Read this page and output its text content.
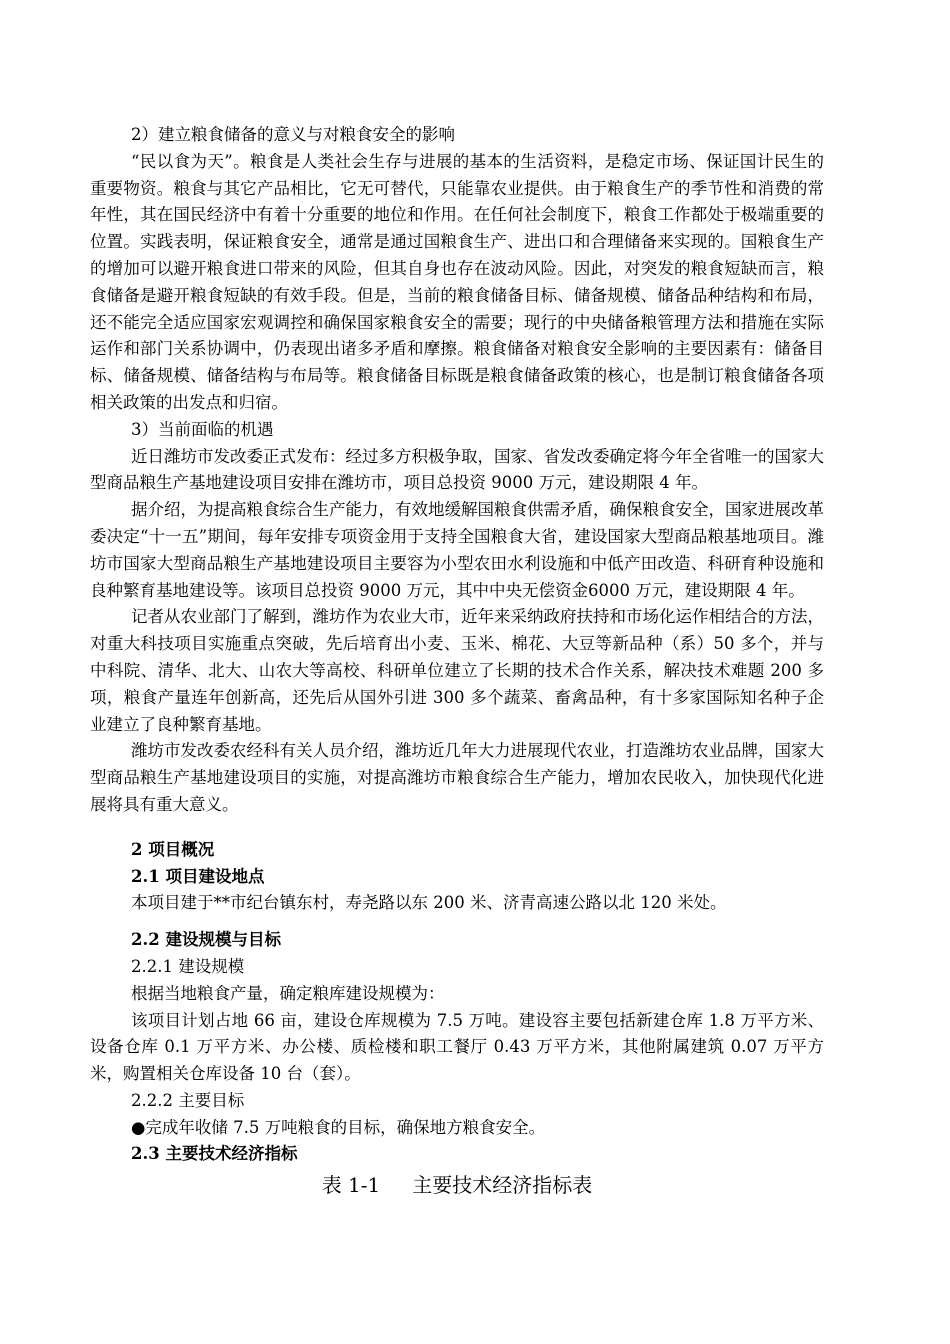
2）建立粮食储备的意义与对粮食安全的影响

“民以食为天”。粮食是人类社会生存与进展的基本的生活资料，是稳定市场、保证国计民生的重要物资。粮食与其它产品相比，它无可替代，只能靠农业提供。由于粮食生产的季节性和消费的常年性，其在国民经济中有着十分重要的地位和作用。在任何社会制度下，粮食工作都处于极端重要的位置。实践表明，保证粮食安全，通常是通过国粮食生产、进出口和合理储备来实现的。国粮食生产的增加可以避开粮食进口带来的风险，但其自身也存在波动风险。因此，对突发的粮食短缺而言，粮食储备是避开粮食短缺的有效手段。但是，当前的粮食储备目标、储备规模、储备品种结构和布局，还不能完全适应国家宏观调控和确保国家粮食安全的需要；现行的中央储备粮管理方法和措施在实际运作和部门关系协调中，仍表现出诸多矛盾和摩擦。粮食储备对粮食安全影响的主要因素有：储备目标、储备规模、储备结构与布局等。粮食储备目标既是粮食储备政策的核心，也是制订粮食储备各项相关政策的出发点和归宿。

3）当前面临的机遇

近日潍坊市发改委正式发布：经过多方积极争取，国家、省发改委确定将今年全省唯一的国家大型商品粮生产基地建设项目安排在潍坊市，项目总投资 9000 万元，建设期限 4 年。

据介绍，为提高粮食综合生产能力，有效地缓解国粮食供需矛盾，确保粮食安全，国家进展改革委决定“十一五”期间，每年安排专项资金用于支持全国粮食大省，建设国家大型商品粮基地项目。潍坊市国家大型商品粮生产基地建设项目主要容为小型农田水利设施和中低产田改造、科研育种设施和良种繁育基地建设等。该项目总投资 9000 万元，其中中央无偿资金6000 万元，建设期限 4 年。

记者从农业部门了解到，潍坊作为农业大市，近年来采纳政府扶持和市场化运作相结合的方法，对重大科技项目实施重点突破，先后培育出小麦、玉米、棉花、大豆等新品种（系）50 多个，并与中科院、清华、北大、山农大等高校、科研单位建立了长期的技术合作关系，解决技术难题 200 多项，粮食产量连年创新高，还先后从国外引进 300 多个蔬菜、畜禽品种，有十多家国际知名种子企业建立了良种繁育基地。

潍坊市发改委农经科有关人员介绍，潍坊近几年大力进展现代农业，打造潍坊农业品牌，国家大型商品粮生产基地建设项目的实施，对提高潍坊市粮食综合生产能力，增加农民收入，加快现代化进展将具有重大意义。

2 项目概况

2.1 项目建设地点

本项目建于**市纪台镇东村，寿尧路以东 200 米、济青高速公路以北 120 米处。

2.2 建设规模与目标

2.2.1 建设规模

根据当地粮食产量，确定粮库建设规模为：

该项目计划占地 66 亩，建设仓库规模为 7.5 万吨。建设容主要包括新建仓库 1.8 万平方米、设备仓库 0.1 万平方米、办公楼、质检楼和职工餐厅 0.43 万平方米，其他附属建筑 0.07 万平方米，购置相关仓库设备 10 台（套）。

2.2.2 主要目标

●完成年收储 7.5 万吨粮食的目标，确保地方粮食安全。

2.3 主要技术经济指标

表 1-1 主要技术经济指标表
